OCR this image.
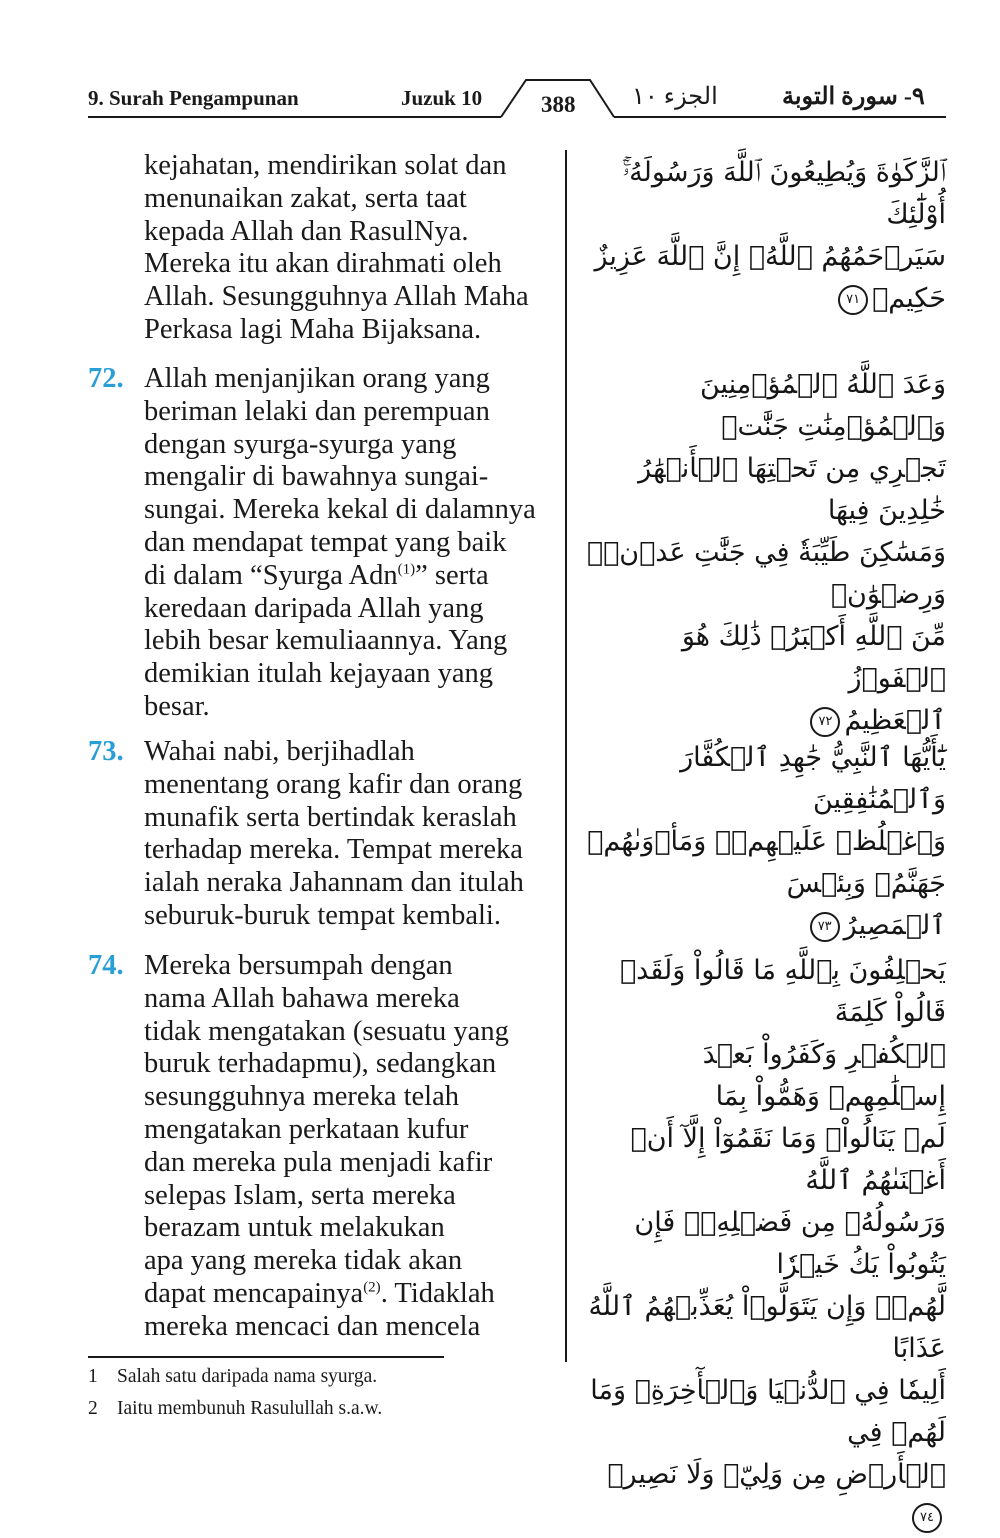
9. Surah Pengampunan	Juzuk 10	388 الجزء ١٠	٩- سورة التوبة

kejahatan, mendirikan solat dan
menunaikan zakat, serta taat
kepada Allah dan RasulNya.
Mereka itu akan dirahmati oleh
Allah. Sesungguhnya Allah Maha
Perkasa lagi Maha Bijaksana.

72. Allah menjanjikan orang yang
beriman lelaki dan perempuan
dengan syurga-syurga yang
mengalir di bawahnya sungai-
sungai. Mereka kekal di dalamnya
dan mendapat tempat yang baik
di dalam “Syurga Adn$^{(1)}$” serta
keredaan daripada Allah yang
lebih besar kemuliaannya. Yang
demikian itulah kejayaan yang
besar.

73. Wahai nabi, berjihadlah
menentang orang kafir dan orang
munafik serta bertindak keraslah
terhadap mereka. Tempat mereka
ialah neraka Jahannam dan itulah
seburuk-buruk tempat kembali.

74. Mereka bersumpah dengan
nama Allah bahawa mereka
tidak mengatakan (sesuatu yang
buruk terhadapmu), sedangkan
sesungguhnya mereka telah
mengatakan perkataan kufur
dan mereka pula menjadi kafir
selepas Islam, serta mereka
berazam untuk melakukan
apa yang mereka tidak akan
dapat mencapainya$^{(2)}$. Tidaklah
mereka mencaci dan mencela

ٱلزَّكَوٰةَ وَيُطِيعُونَ ٱللَّهَ وَرَسُولَهُۥٓۚ أُوْلَٰٓئِكَ
سَيَرۡحَمُهُمُ ٱللَّهُۗ إِنَّ ٱللَّهَ عَزِيزٌ حَكِيمٞ٧١

وَعَدَ ٱللَّهُ ٱلۡمُؤۡمِنِينَ وَٱلۡمُؤۡمِنَٰتِ جَنَّٰتٖ
تَجۡرِي مِن تَحۡتِهَا ٱلۡأَنۡهَٰرُ خَٰلِدِينَ فِيهَا
وَمَسَٰكِنَ طَيِّبَةٗ فِي جَنَّٰتِ عَدۡنٖۚ وَرِضۡوَٰنٞ
مِّنَ ٱللَّهِ أَكۡبَرُۚ ذَٰلِكَ هُوَ ٱلۡفَوۡزُ
ٱلۡعَظِيمُ٧٢

يَٰٓأَيُّهَا ٱلنَّبِيُّ جَٰهِدِ ٱلۡكُفَّارَ وَٱلۡمُنَٰفِقِينَ
وَٱغۡلُظۡ عَلَيۡهِمۡۚ وَمَأۡوَىٰهُمۡ جَهَنَّمُۖ وَبِئۡسَ
ٱلۡمَصِيرُ٧٣

يَحۡلِفُونَ بِٱللَّهِ مَا قَالُواْ وَلَقَدۡ قَالُواْ كَلِمَةَ
ٱلۡكُفۡرِ وَكَفَرُواْ بَعۡدَ إِسۡلَٰمِهِمۡ وَهَمُّواْ بِمَا
لَمۡ يَنَالُواْۚ وَمَا نَقَمُوٓاْ إِلَّآ أَنۡ أَغۡنَىٰهُمُ ٱللَّهُ
وَرَسُولُهُۥ مِن فَضۡلِهِۦۚ فَإِن يَتُوبُواْ يَكُ خَيۡرٗا
لَّهُمۡۖ وَإِن يَتَوَلَّوۡاْ يُعَذِّبۡهُمُ ٱللَّهُ عَذَابًا
أَلِيمٗا فِي ٱلدُّنۡيَا وَٱلۡأٓخِرَةِۚ وَمَا لَهُمۡ فِي
ٱلۡأَرۡضِ مِن وَلِيّٖ وَلَا نَصِيرٖ٧٤

1 Salah satu daripada nama syurga.
2 Iaitu membunuh Rasulullah s.a.w.
